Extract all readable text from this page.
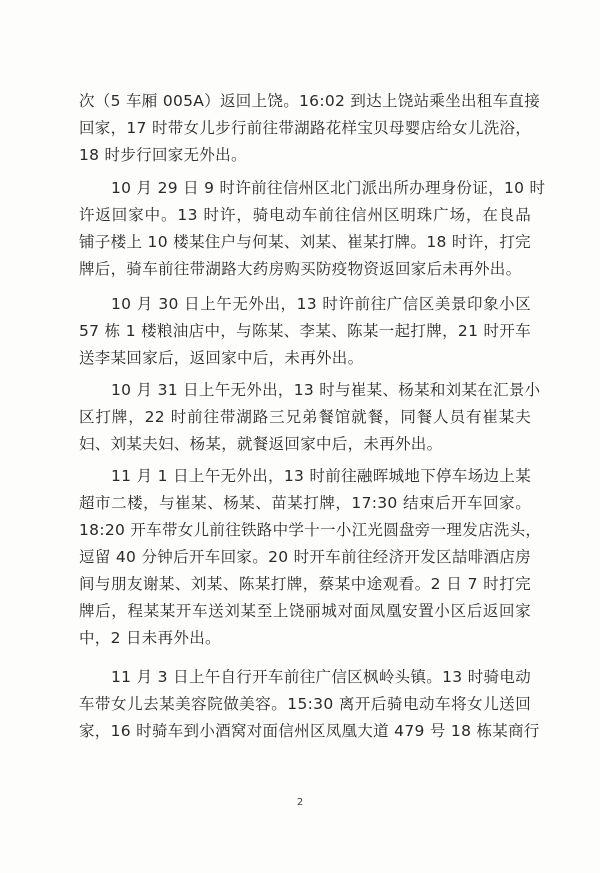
次（5 车厢 005A）返回上饶。16:02 到达上饶站乘坐出租车直接
回家，17 时带女儿步行前往带湖路花样宝贝母婴店给女儿洗浴，
18 时步行回家无外出。
10 月 29 日 9 时许前往信州区北门派出所办理身份证，10 时
许返回家中。13 时许，骑电动车前往信州区明珠广场，在良品
铺子楼上 10 楼某住户与何某、刘某、崔某打牌。18 时许，打完
牌后，骑车前往带湖路大药房购买防疫物资返回家后未再外出。
10 月 30 日上午无外出，13 时许前往广信区美景印象小区
57 栋 1 楼粮油店中，与陈某、李某、陈某一起打牌，21 时开车
送李某回家后，返回家中后，未再外出。
10 月 31 日上午无外出，13 时与崔某、杨某和刘某在汇景小
区打牌，22 时前往带湖路三兄弟餐馆就餐，同餐人员有崔某夫
妇、刘某夫妇、杨某，就餐返回家中后，未再外出。
11 月 1 日上午无外出，13 时前往融晖城地下停车场边上某
超市二楼，与崔某、杨某、苗某打牌，17:30 结束后开车回家。
18:20 开车带女儿前往铁路中学十一小江光圆盘旁一理发店洗头，
逗留 40 分钟后开车回家。20 时开车前往经济开发区喆啡酒店房
间与朋友谢某、刘某、陈某打牌，蔡某中途观看。2 日 7 时打完
牌后，程某某开车送刘某至上饶丽城对面凤凰安置小区后返回家
中，2 日未再外出。
11 月 3 日上午自行开车前往广信区枫岭头镇。13 时骑电动
车带女儿去某美容院做美容。15:30 离开后骑电动车将女儿送回
家，16 时骑车到小酒窝对面信州区凤凰大道 479 号 18 栋某商行
2
